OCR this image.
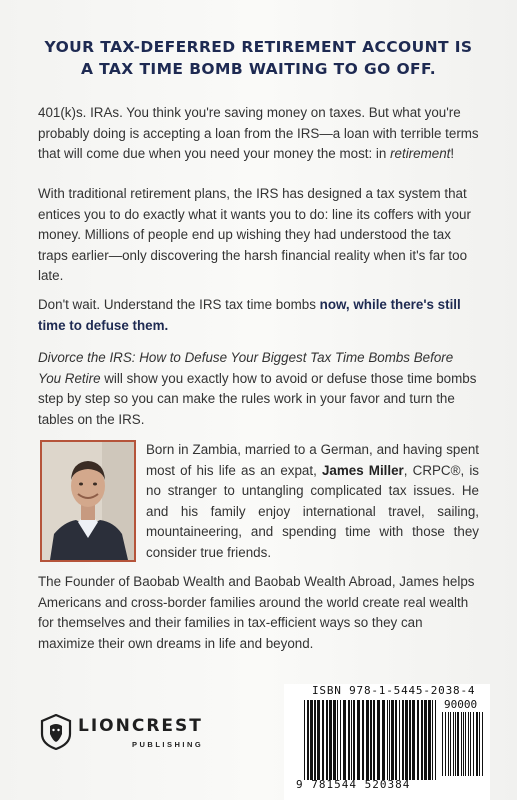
YOUR TAX-DEFERRED RETIREMENT ACCOUNT IS
A TAX TIME BOMB WAITING TO GO OFF.
401(k)s. IRAs. You think you're saving money on taxes. But what you're probably doing is accepting a loan from the IRS—a loan with terrible terms that will come due when you need your money the most: in retirement!
With traditional retirement plans, the IRS has designed a tax system that entices you to do exactly what it wants you to do: line its coffers with your money. Millions of people end up wishing they had understood the tax traps earlier—only discovering the harsh financial reality when it's far too late.
Don't wait. Understand the IRS tax time bombs now, while there's still time to defuse them.
Divorce the IRS: How to Defuse Your Biggest Tax Time Bombs Before You Retire will show you exactly how to avoid or defuse those time bombs step by step so you can make the rules work in your favor and turn the tables on the IRS.
Born in Zambia, married to a German, and having spent most of his life as an expat, James Miller, CRPC®, is no stranger to untangling complicated tax issues. He and his family enjoy international travel, sailing, mountaineering, and spending time with those they consider true friends.
The Founder of Baobab Wealth and Baobab Wealth Abroad, James helps Americans and cross-border families around the world create real wealth for themselves and their families in tax-efficient ways so they can maximize their own dreams in life and beyond.
LIONCREST
PUBLISHING
ISBN 978-1-5445-2038-4
90000
9 781544 520384
